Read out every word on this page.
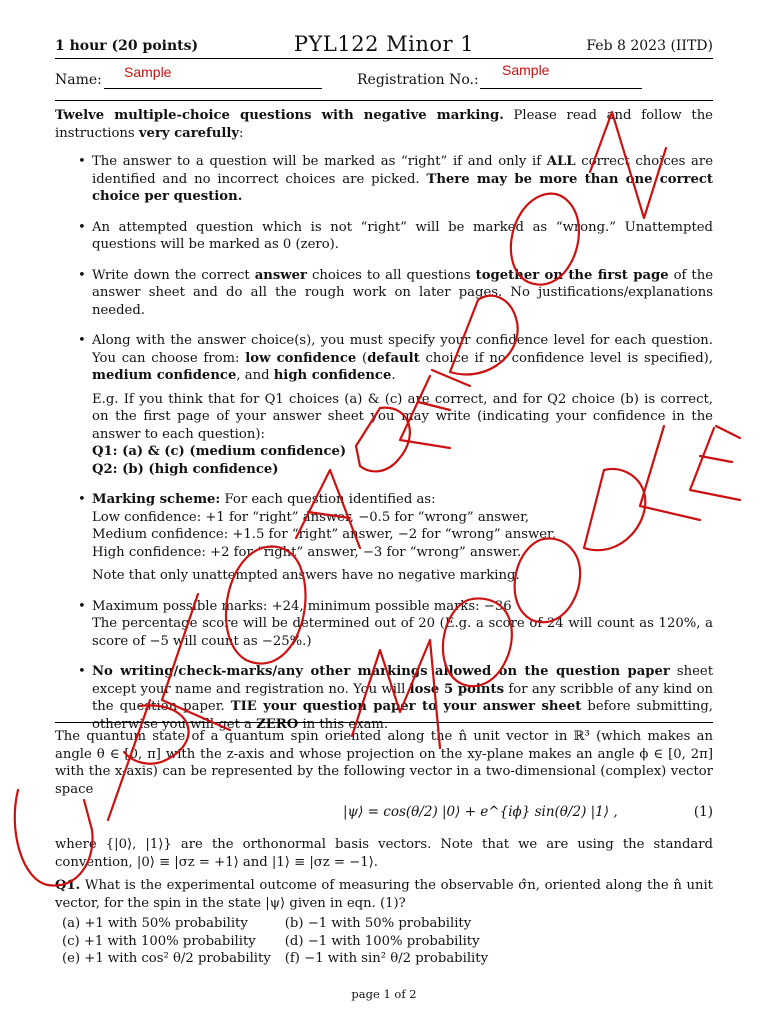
1 hour (20 points)	PYL122 Minor 1	Feb 8 2023 (IITD)
Name: Sample	Registration No.:
Sample
Twelve multiple-choice questions with negative marking. Please read and follow the instructions very carefully:
• The answer to a question will be marked as “right” if and only if ALL correct choices are identified and no incorrect choices are picked. There may be more than one correct choice per question.
• An attempted question which is not “right” will be marked as “wrong.” Unattempted questions will be marked as 0 (zero).
• Write down the correct answer choices to all questions together on the first page of the answer sheet and do all the rough work on later pages. No justifications/explanations needed.
• Along with the answer choice(s), you must specify your confidence level for each question. You can choose from: low confidence (default choice if no confidence level is specified), medium confidence, and high confidence.
E.g. If you think that for Q1 choices (a) & (c) are correct, and for Q2 choice (b) is correct, on the first page of your answer sheet you may write (indicating your confidence in the answer to each question):
Q1: (a) & (c) (medium confidence)
Q2: (b) (high confidence)
• Marking scheme: For each question identified as:
Low confidence: +1 for “right” answer, −0.5 for “wrong” answer,
Medium confidence: +1.5 for “right” answer, −2 for “wrong” answer,
High confidence: +2 for “right” answer, −3 for “wrong” answer.
Note that only unattempted answers have no negative marking.
• Maximum possible marks: +24, minimum possible marks: −36
The percentage score will be determined out of 20 (E.g. a score of 24 will count as 120%, a score of −5 will count as −25%.)
• No writing/check-marks/any other markings allowed on the question paper sheet except your name and registration no. You will lose 5 points for any scribble of any kind on the question paper. TIE your question paper to your answer sheet before submitting, otherwise you will get a ZERO in this exam.
The quantum state of a quantum spin oriented along the n̂ unit vector in ℝ³ (which makes an angle θ ∈ [0, π] with the z-axis and whose projection on the xy-plane makes an angle ϕ ∈ [0, 2π] with the x-axis) can be represented by the following vector in a two-dimensional (complex) vector space
|ψ⟩ = cos(θ/2) |0⟩ + e^{iϕ} sin(θ/2) |1⟩ ,	(1)
where {|0⟩, |1⟩} are the orthonormal basis vectors. Note that we are using the standard convention, |0⟩ ≡ |σz = +1⟩ and |1⟩ ≡ |σz = −1⟩.
Q1. What is the experimental outcome of measuring the observable σ̂n, oriented along the n̂ unit vector, for the spin in the state |ψ⟩ given in eqn. (1)?
(a) +1 with 50% probability	(b) −1 with 50% probability
(c) +1 with 100% probability	(d) −1 with 100% probability
(e) +1 with cos² θ/2 probability	(f) −1 with sin² θ/2 probability
page 1 of 2
